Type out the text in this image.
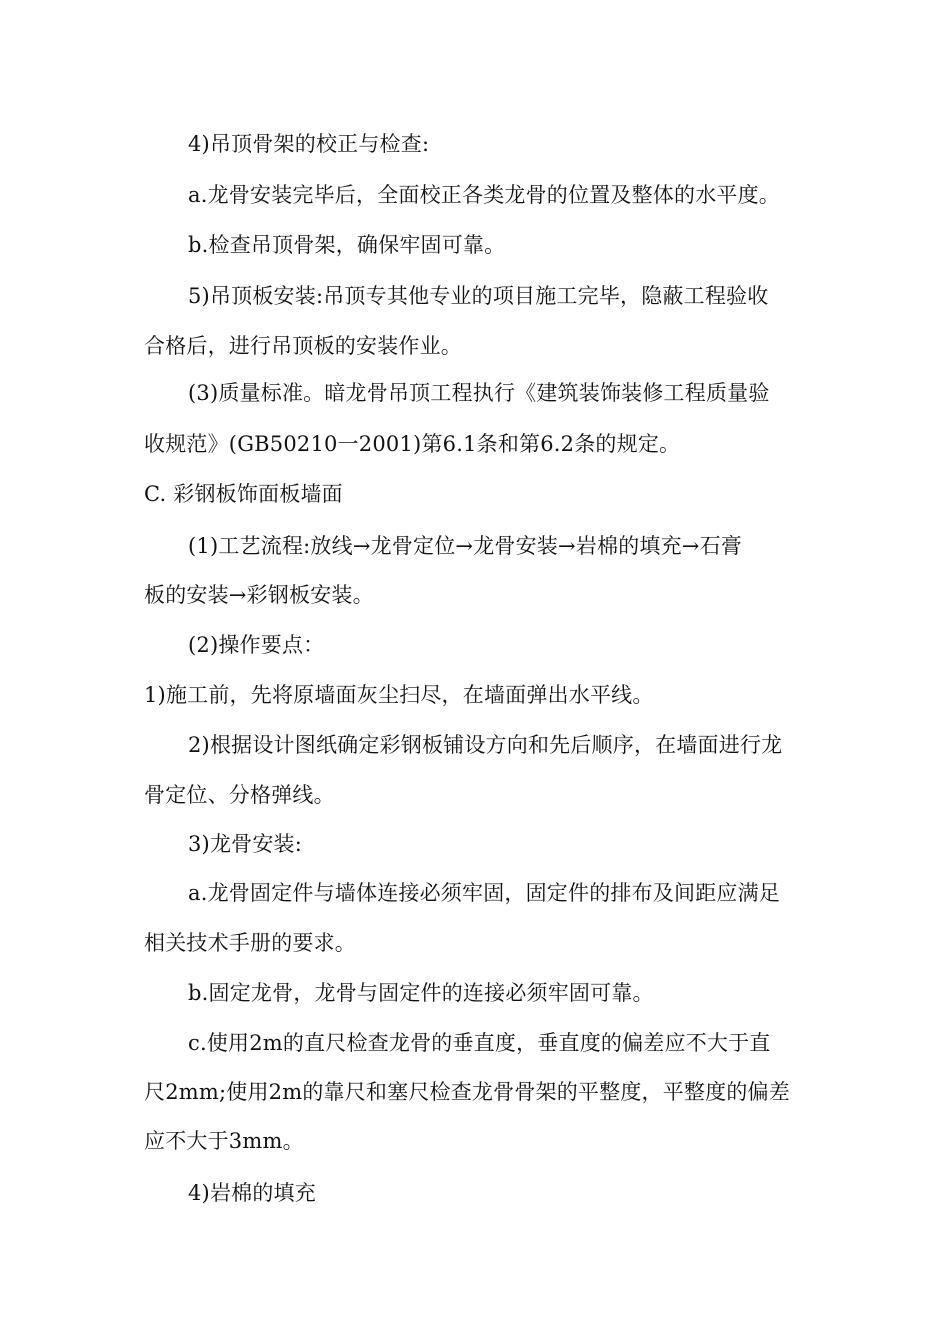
4)吊顶骨架的校正与检查:
a.龙骨安装完毕后，全面校正各类龙骨的位置及整体的水平度。
b.检查吊顶骨架，确保牢固可靠。
5)吊顶板安装:吊顶专其他专业的项目施工完毕，隐蔽工程验收
合格后，进行吊顶板的安装作业。
(3)质量标准。暗龙骨吊顶工程执行《建筑装饰装修工程质量验
收规范》(GB50210一2001)第6.1条和第6.2条的规定。
C. 彩钢板饰面板墙面
(1)工艺流程:放线→龙骨定位→龙骨安装→岩棉的填充→石膏
板的安装→彩钢板安装。
(2)操作要点：
1)施工前，先将原墙面灰尘扫尽，在墙面弹出水平线。
2)根据设计图纸确定彩钢板铺设方向和先后顺序，在墙面进行龙
骨定位、分格弹线。
3)龙骨安装:
a.龙骨固定件与墙体连接必须牢固，固定件的排布及间距应满足
相关技术手册的要求。
b.固定龙骨，龙骨与固定件的连接必须牢固可靠。
c.使用2m的直尺检查龙骨的垂直度，垂直度的偏差应不大于直
尺2mm;使用2m的靠尺和塞尺检查龙骨骨架的平整度，平整度的偏差
应不大于3mm。
4)岩棉的填充
